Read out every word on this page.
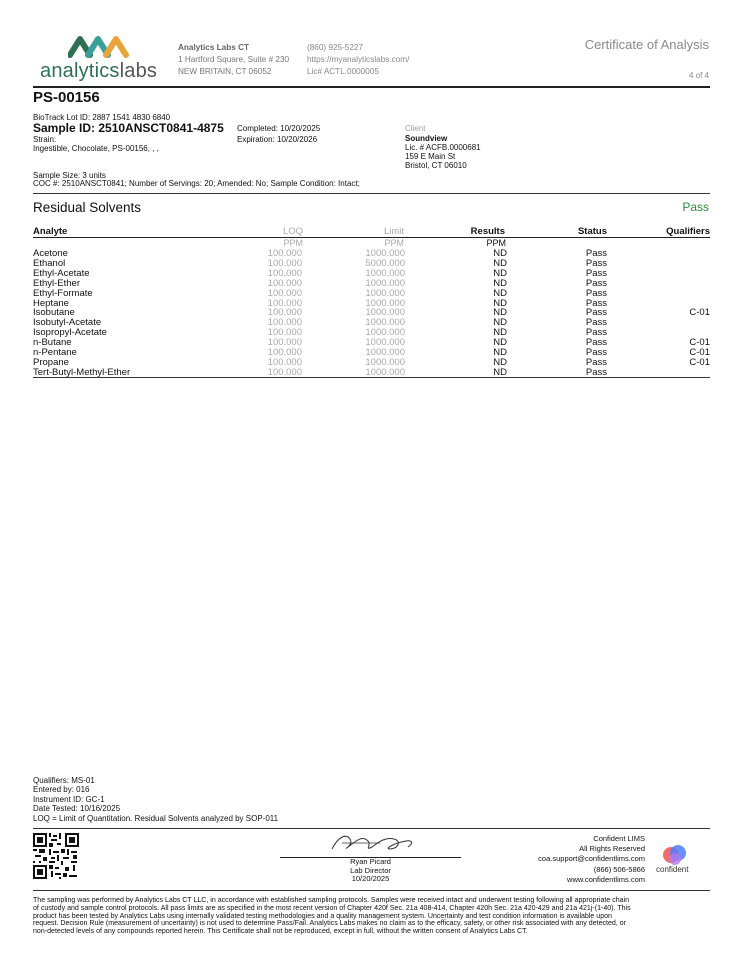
analyticslabs
Analytics Labs CT
1 Hartford Square, Suite # 230
NEW BRITAIN, CT 06052
(860) 925-5227
https://myanalyticslabs.com/
Lic# ACTL.0000005
Certificate of Analysis
4 of 4
PS-00156
BioTrack Lot ID: 2887 1541 4830 6840
Sample ID: 2510ANSCT0841-4875
Strain:
Ingestible, Chocolate, PS-00156, , ,
Completed: 10/20/2025
Expiration: 10/20/2026
Client
Soundview
Lic. # ACFB.0000681
159 E Main St
Bristol, CT 06010
Sample Size: 3 units
COC #: 2510ANSCT0841; Number of Servings: 20; Amended: No; Sample Condition: Intact;
Residual Solvents	Pass
Analyte	LOQ	Limit	Results	Status	Qualifiers
PPM	PPM	PPM
Acetone	100.000	1000.000	ND	Pass
Ethanol	100.000	5000.000	ND	Pass
Ethyl-Acetate	100.000	1000.000	ND	Pass
Ethyl-Ether	100.000	1000.000	ND	Pass
Ethyl-Formate	100.000	1000.000	ND	Pass
Heptane	100.000	1000.000	ND	Pass
Isobutane	100.000	1000.000	ND	Pass	C-01
Isobutyl-Acetate	100.000	1000.000	ND	Pass
Isopropyl-Acetate	100.000	1000.000	ND	Pass
n-Butane	100.000	1000.000	ND	Pass	C-01
n-Pentane	100.000	1000.000	ND	Pass	C-01
Propane	100.000	1000.000	ND	Pass	C-01
Tert-Butyl-Methyl-Ether	100.000	1000.000	ND	Pass
Qualifiers: MS-01
Entered by: 016
Instrument ID: GC-1
Date Tested: 10/16/2025
LOQ = Limit of Quantitation. Residual Solvents analyzed by SOP-011
Ryan Picard
Lab Director
10/20/2025
Confident LIMS
All Rights Reserved
coa.support@confidentlims.com
(866) 506-5866
www.confidentlims.com
confident
The sampling was performed by Analytics Labs CT LLC, in accordance with established sampling protocols. Samples were received intact and underwent testing following all appropriate chain
of custody and sample control protocols. All pass limits are as specified in the most recent version of Chapter 420f Sec. 21a 408-414, Chapter 420h Sec. 21a 420-429 and 21a 421j-(1-40). This
product has been tested by Analytics Labs using internally validated testing methodologies and a quality management system. Uncertainty and test condition information is available upon
request. Decision Rule (measurement of uncertainty) is not used to determine Pass/Fail. Analytics Labs makes no claim as to the efficacy, safety, or other risk associated with any detected, or
non-detected levels of any compounds reported herein. This Certificate shall not be reproduced, except in full, without the written consent of Analytics Labs CT.
